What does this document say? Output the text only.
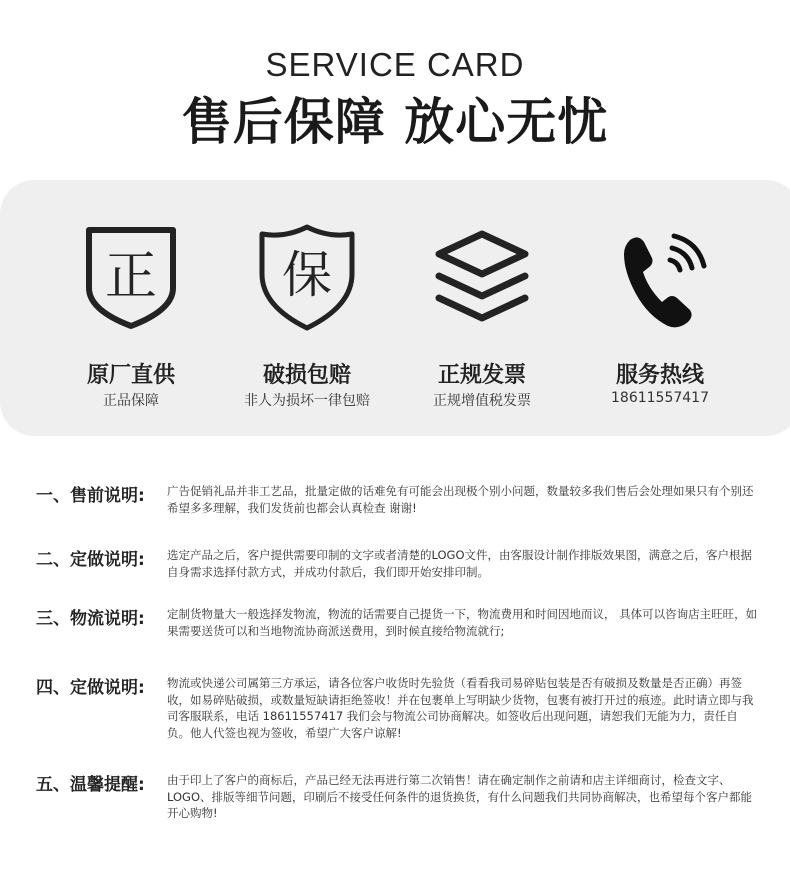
SERVICE CARD
售后保障 放心无忧
正
原厂直供
正品保障
保
破损包赔
非人为损坏一律包赔
正规发票
正规增值税发票
服务热线
18611557417
一、售前说明:	广告促销礼品并非工艺品，批量定做的话难免有可能会出现极个别小问题，数量较多我们售后会处理如果只有个别还希望多多理解，我们发货前也都会认真检查 谢谢!
二、定做说明:	选定产品之后，客户提供需要印制的文字或者清楚的LOGO文件，由客服设计制作排版效果图，满意之后，客户根据自身需求选择付款方式，并成功付款后，我们即开始安排印制。
三、物流说明:	定制货物量大一般选择发物流，物流的话需要自己提货一下，物流费用和时间因地而议， 具体可以咨询店主旺旺，如果需要送货可以和当地物流协商派送费用，到时候直接给物流就行;
四、定做说明:	物流或快递公司属第三方承运，请各位客户收货时先验货（看看我司易碎贴包装是否有破损及数量是否正确）再签收，如易碎贴破损，或数量短缺请拒绝签收！并在包裹单上写明缺少货物，包裹有被打开过的痕迹。此时请立即与我司客服联系，电话 18611557417 我们会与物流公司协商解决。如签收后出现问题，请恕我们无能为力，责任自负。他人代签也视为签收，希望广大客户谅解!
五、温馨提醒:	由于印上了客户的商标后，产品已经无法再进行第二次销售！请在确定制作之前请和店主详细商讨，检查文字、LOGO、排版等细节问题，印刷后不接受任何条件的退货换货，有什么问题我们共同协商解决，也希望每个客户都能开心购物!
